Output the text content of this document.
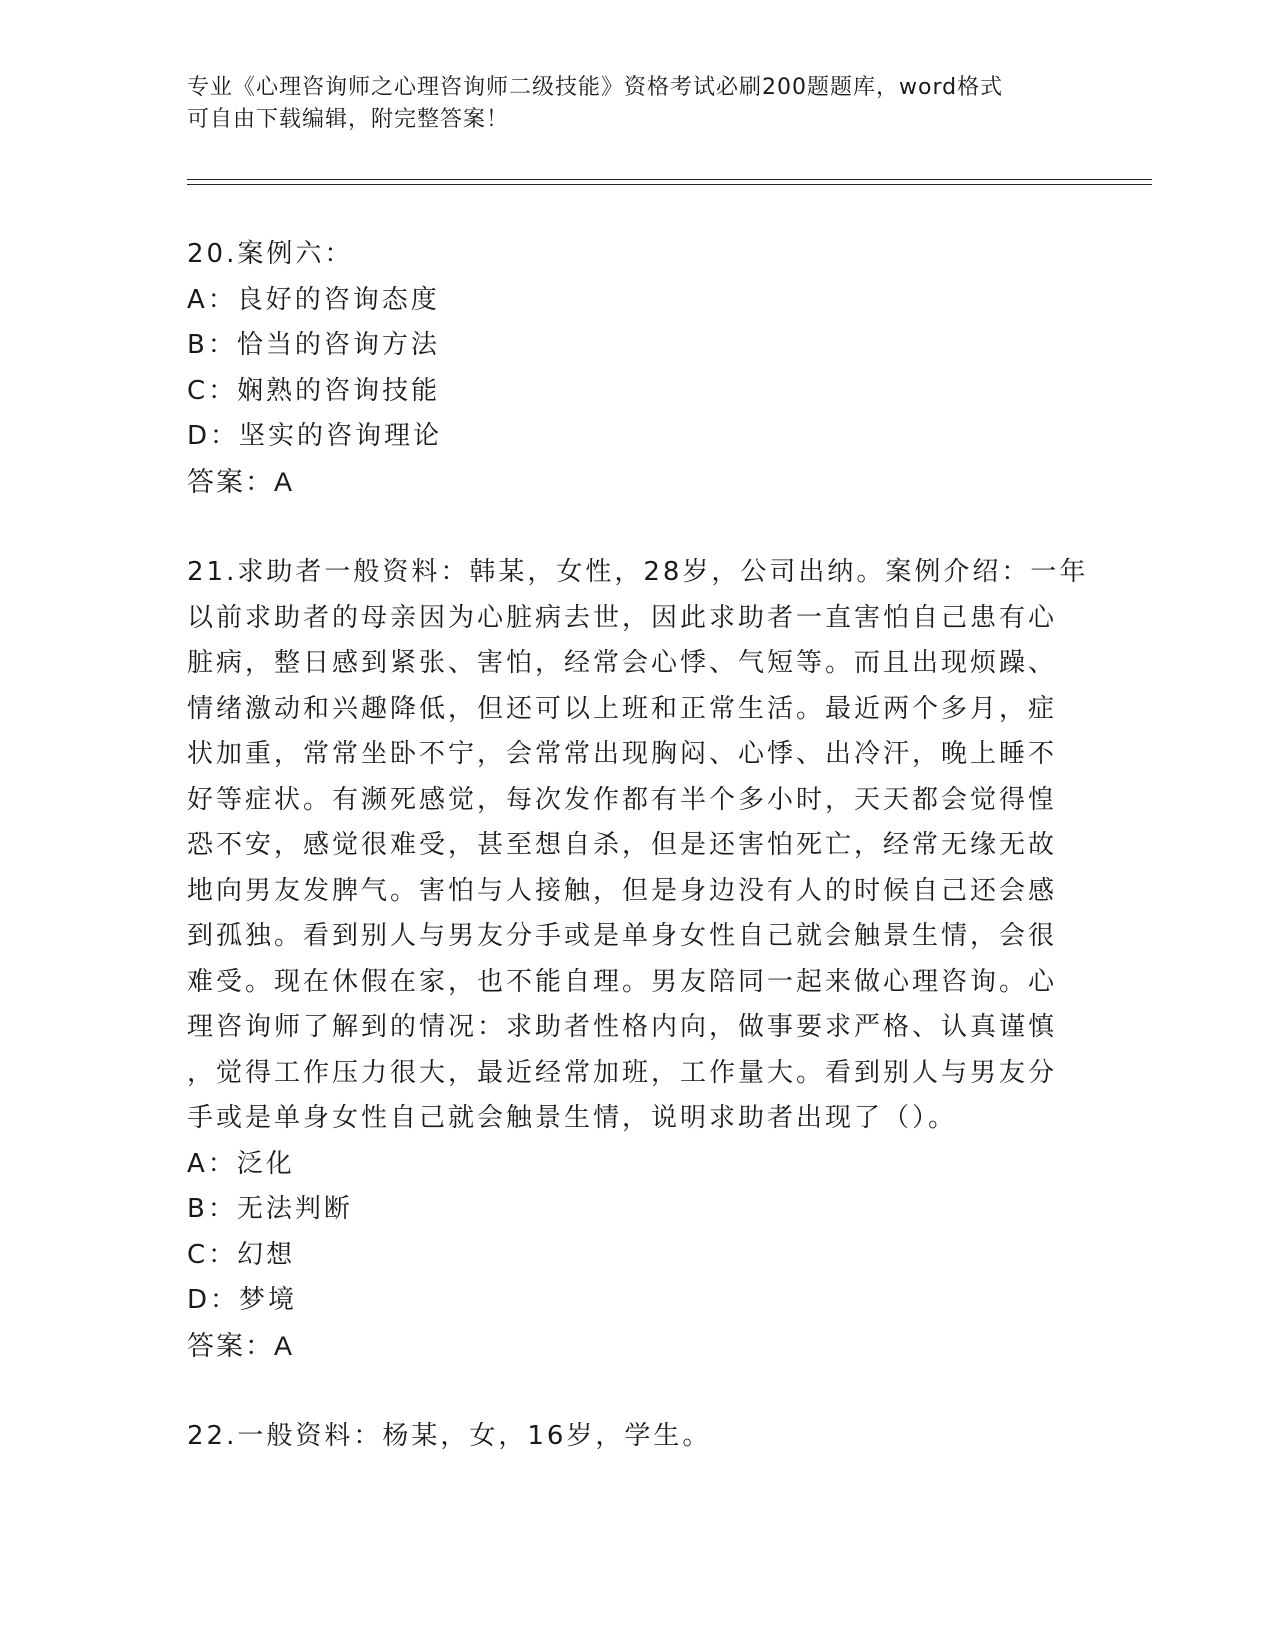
专业《心理咨询师之心理咨询师二级技能》资格考试必刷200题题库，word格式
可自由下载编辑，附完整答案！
20.案例六：
A：良好的咨询态度
B：恰当的咨询方法
C：娴熟的咨询技能
D：坚实的咨询理论
答案：A
21.求助者一般资料：韩某，女性，28岁，公司出纳。案例介绍：一年
以前求助者的母亲因为心脏病去世，因此求助者一直害怕自己患有心
脏病，整日感到紧张、害怕，经常会心悸、气短等。而且出现烦躁、
情绪激动和兴趣降低，但还可以上班和正常生活。最近两个多月，症
状加重，常常坐卧不宁，会常常出现胸闷、心悸、出冷汗，晚上睡不
好等症状。有濒死感觉，每次发作都有半个多小时，天天都会觉得惶
恐不安，感觉很难受，甚至想自杀，但是还害怕死亡，经常无缘无故
地向男友发脾气。害怕与人接触，但是身边没有人的时候自己还会感
到孤独。看到别人与男友分手或是单身女性自己就会触景生情，会很
难受。现在休假在家，也不能自理。男友陪同一起来做心理咨询。心
理咨询师了解到的情况：求助者性格内向，做事要求严格、认真谨慎
，觉得工作压力很大，最近经常加班，工作量大。看到别人与男友分
手或是单身女性自己就会触景生情，说明求助者出现了（）。
A：泛化
B：无法判断
C：幻想
D：梦境
答案：A
22.一般资料：杨某，女，16岁，学生。
